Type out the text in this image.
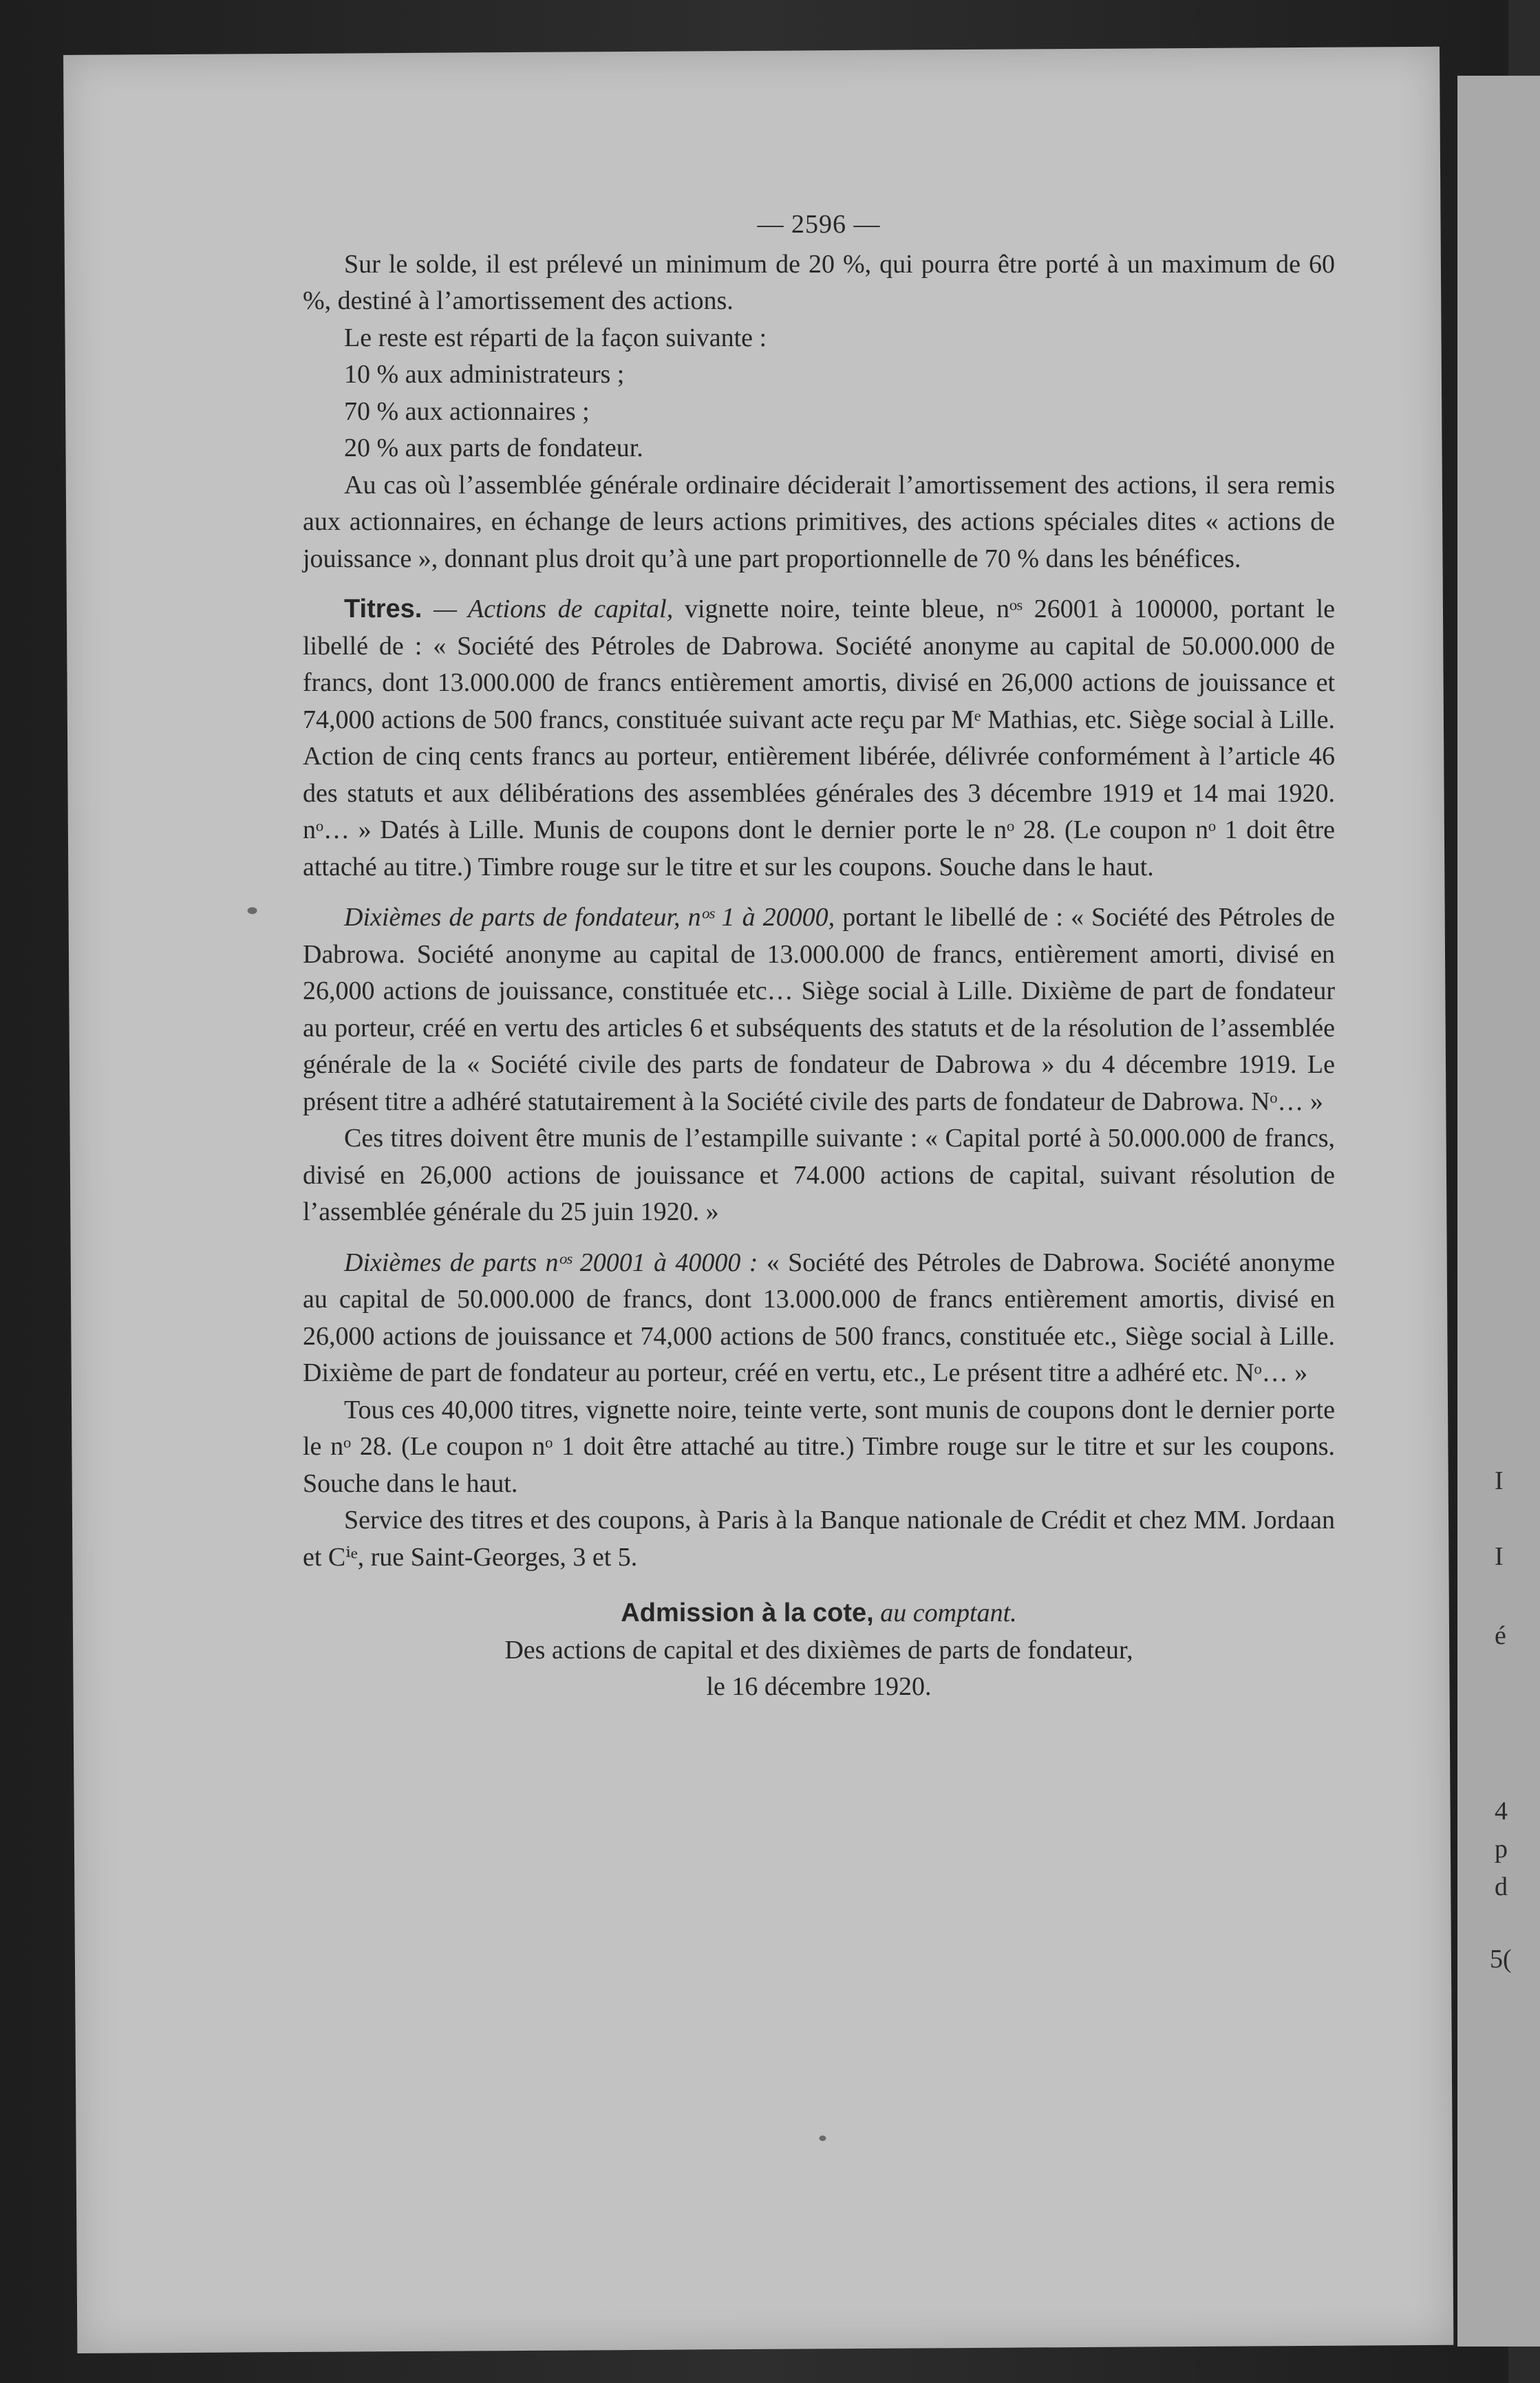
I
I
é
4
p
d
5(
— 2596 —

Sur le solde, il est prélevé un minimum de 20 %, qui pourra être porté à un maximum de 60 %, destiné à l’amortissement des actions.

Le reste est réparti de la façon suivante :

10 % aux administrateurs ;

70 % aux actionnaires ;

20 % aux parts de fondateur.

Au cas où l’assemblée générale ordinaire déciderait l’amortissement des actions, il sera remis aux actionnaires, en échange de leurs actions primitives, des actions spéciales dites « actions de jouissance », donnant plus droit qu’à une part proportionnelle de 70 % dans les bénéfices.

Titres. — Actions de capital, vignette noire, teinte bleue, nᵒˢ 26001 à 100000, portant le libellé de : « Société des Pétroles de Dabrowa. Société anonyme au capital de 50.000.000 de francs, dont 13.000.000 de francs entièrement amortis, divisé en 26,000 actions de jouissance et 74,000 actions de 500 francs, constituée suivant acte reçu par Mᵉ Mathias, etc. Siège social à Lille. Action de cinq cents francs au porteur, entièrement libérée, délivrée conformément à l’article 46 des statuts et aux délibérations des assemblées générales des 3 décembre 1919 et 14 mai 1920. nᵒ… » Datés à Lille. Munis de coupons dont le dernier porte le nᵒ 28. (Le coupon nᵒ 1 doit être attaché au titre.) Timbre rouge sur le titre et sur les coupons. Souche dans le haut.

Dixièmes de parts de fondateur, nᵒˢ 1 à 20000, portant le libellé de : « Société des Pétroles de Dabrowa. Société anonyme au capital de 13.000.000 de francs, entièrement amorti, divisé en 26,000 actions de jouissance, constituée etc… Siège social à Lille. Dixième de part de fondateur au porteur, créé en vertu des articles 6 et subséquents des statuts et de la résolution de l’assemblée générale de la « Société civile des parts de fondateur de Dabrowa » du 4 décembre 1919. Le présent titre a adhéré statutairement à la Société civile des parts de fondateur de Dabrowa. Nᵒ… »

Ces titres doivent être munis de l’estampille suivante : « Capital porté à 50.000.000 de francs, divisé en 26,000 actions de jouissance et 74.000 actions de capital, suivant résolution de l’assemblée générale du 25 juin 1920. »

Dixièmes de parts nᵒˢ 20001 à 40000 : « Société des Pétroles de Dabrowa. Société anonyme au capital de 50.000.000 de francs, dont 13.000.000 de francs entièrement amortis, divisé en 26,000 actions de jouissance et 74,000 actions de 500 francs, constituée etc., Siège social à Lille. Dixième de part de fondateur au porteur, créé en vertu, etc., Le présent titre a adhéré etc. Nᵒ… »

Tous ces 40,000 titres, vignette noire, teinte verte, sont munis de coupons dont le dernier porte le nᵒ 28. (Le coupon nᵒ 1 doit être attaché au titre.) Timbre rouge sur le titre et sur les coupons. Souche dans le haut.

Service des titres et des coupons, à Paris à la Banque nationale de Crédit et chez MM. Jordaan et Cⁱᵉ, rue Saint-Georges, 3 et 5.

Admission à la cote, au comptant.
Des actions de capital et des dixièmes de parts de fondateur,
le 16 décembre 1920.
